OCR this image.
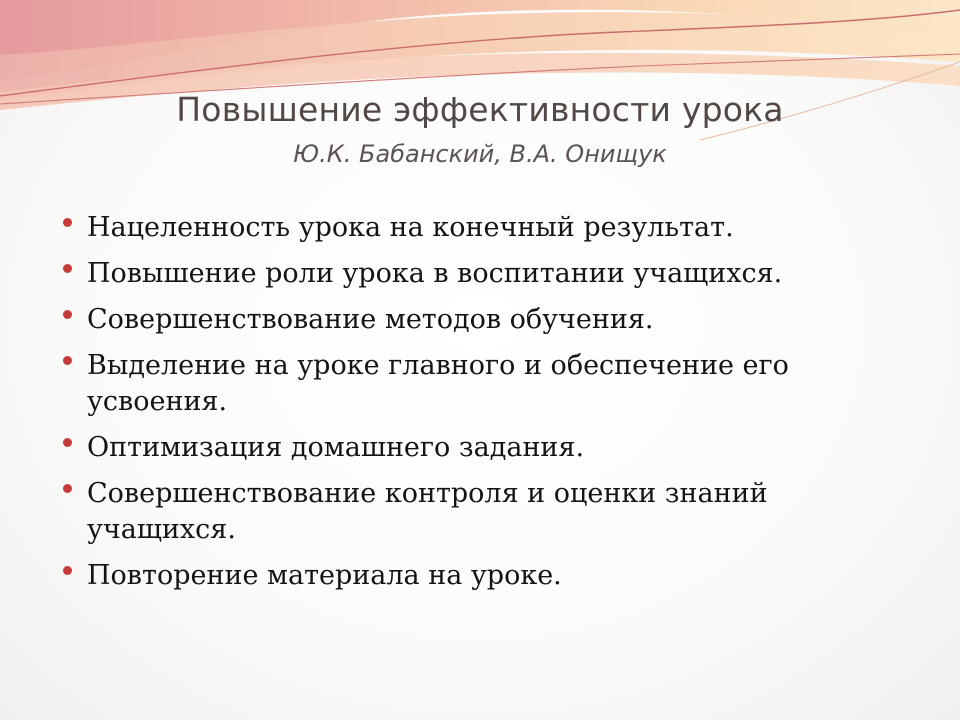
Повышение эффективности урока

Ю.К. Бабанский, В.А. Онищук

Нацеленность урока на конечный результат.
Повышение роли урока в воспитании учащихся.
Совершенствование методов обучения.
Выделение на уроке главного и обеспечение его усвоения.
Оптимизация домашнего задания.
Совершенствование контроля и оценки знаний учащихся.
Повторение материала на уроке.
